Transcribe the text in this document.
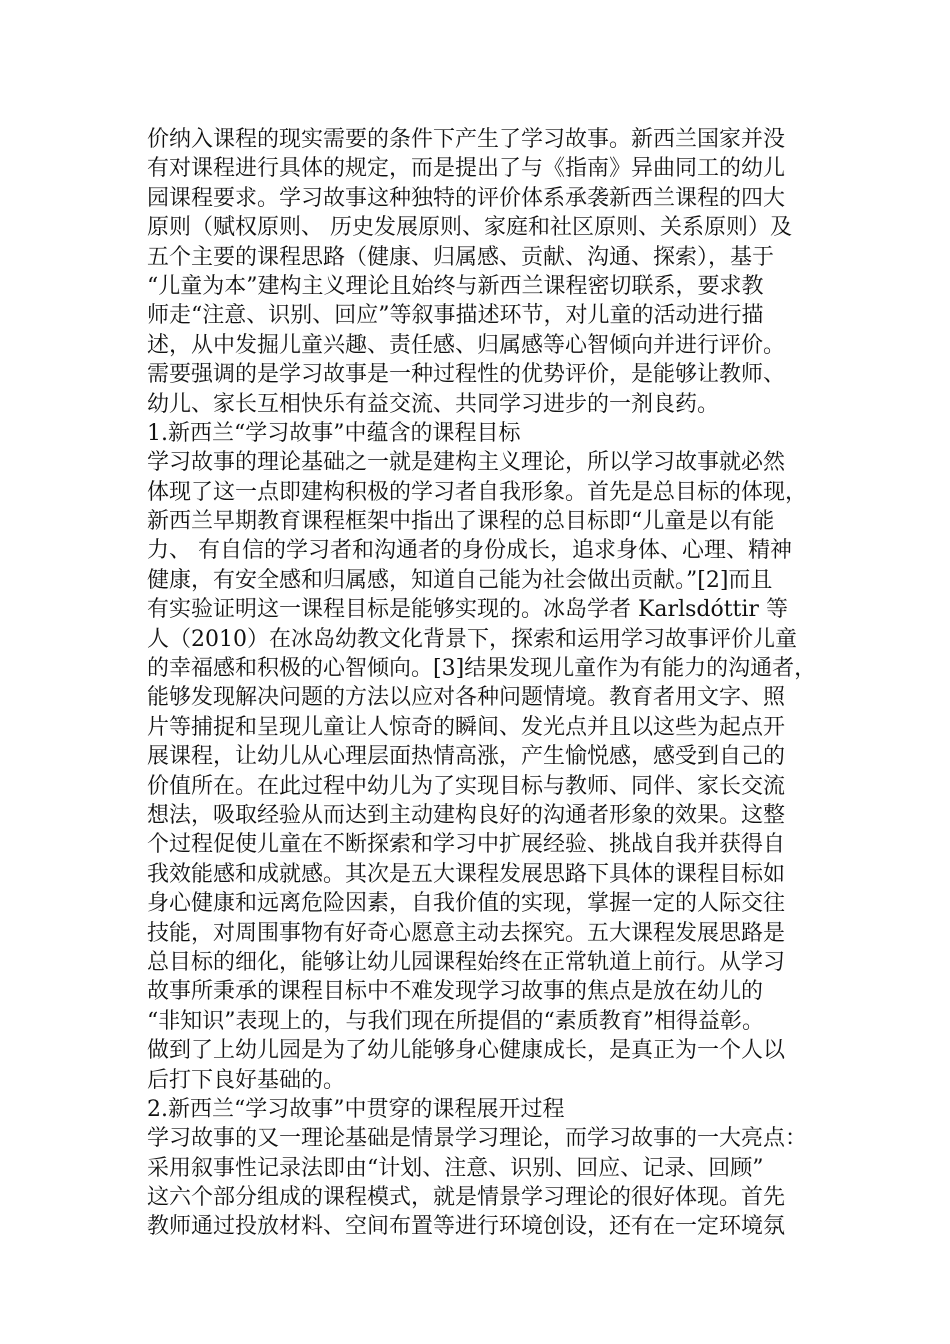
价纳入课程的现实需要的条件下产生了学习故事。新西兰国家并没
有对课程进行具体的规定，而是提出了与《指南》异曲同工的幼儿
园课程要求。学习故事这种独特的评价体系承袭新西兰课程的四大
原则（赋权原则、 历史发展原则、家庭和社区原则、关系原则）及
五个主要的课程思路（健康、归属感、贡献、沟通、探索），基于
“儿童为本”建构主义理论且始终与新西兰课程密切联系，要求教
师走“注意、识别、回应”等叙事描述环节，对儿童的活动进行描
述，从中发掘儿童兴趣、责任感、归属感等心智倾向并进行评价。
需要强调的是学习故事是一种过程性的优势评价，是能够让教师、
幼儿、家长互相快乐有益交流、共同学习进步的一剂良药。
1.新西兰“学习故事”中蕴含的课程目标
学习故事的理论基础之一就是建构主义理论，所以学习故事就必然
体现了这一点即建构积极的学习者自我形象。首先是总目标的体现，
新西兰早期教育课程框架中指出了课程的总目标即“儿童是以有能
力、 有自信的学习者和沟通者的身份成长，追求身体、心理、精神
健康，有安全感和归属感，知道自己能为社会做出贡献。”[2]而且
有实验证明这一课程目标是能够实现的。冰岛学者 Karlsdóttir 等
人（2010）在冰岛幼教文化背景下，探索和运用学习故事评价儿童
的幸福感和积极的心智倾向。[3]结果发现儿童作为有能力的沟通者，
能够发现解决问题的方法以应对各种问题情境。教育者用文字、照
片等捕捉和呈现儿童让人惊奇的瞬间、发光点并且以这些为起点开
展课程，让幼儿从心理层面热情高涨，产生愉悦感，感受到自己的
价值所在。在此过程中幼儿为了实现目标与教师、同伴、家长交流
想法，吸取经验从而达到主动建构良好的沟通者形象的效果。这整
个过程促使儿童在不断探索和学习中扩展经验、挑战自我并获得自
我效能感和成就感。其次是五大课程发展思路下具体的课程目标如
身心健康和远离危险因素，自我价值的实现，掌握一定的人际交往
技能，对周围事物有好奇心愿意主动去探究。五大课程发展思路是
总目标的细化，能够让幼儿园课程始终在正常轨道上前行。从学习
故事所秉承的课程目标中不难发现学习故事的焦点是放在幼儿的
“非知识”表现上的，与我们现在所提倡的“素质教育”相得益彰。
做到了上幼儿园是为了幼儿能够身心健康成长，是真正为一个人以
后打下良好基础的。
2.新西兰“学习故事”中贯穿的课程展开过程
学习故事的又一理论基础是情景学习理论，而学习故事的一大亮点：
采用叙事性记录法即由“计划、注意、识别、回应、记录、回顾”
这六个部分组成的课程模式，就是情景学习理论的很好体现。首先
教师通过投放材料、空间布置等进行环境创设，还有在一定环境氛
